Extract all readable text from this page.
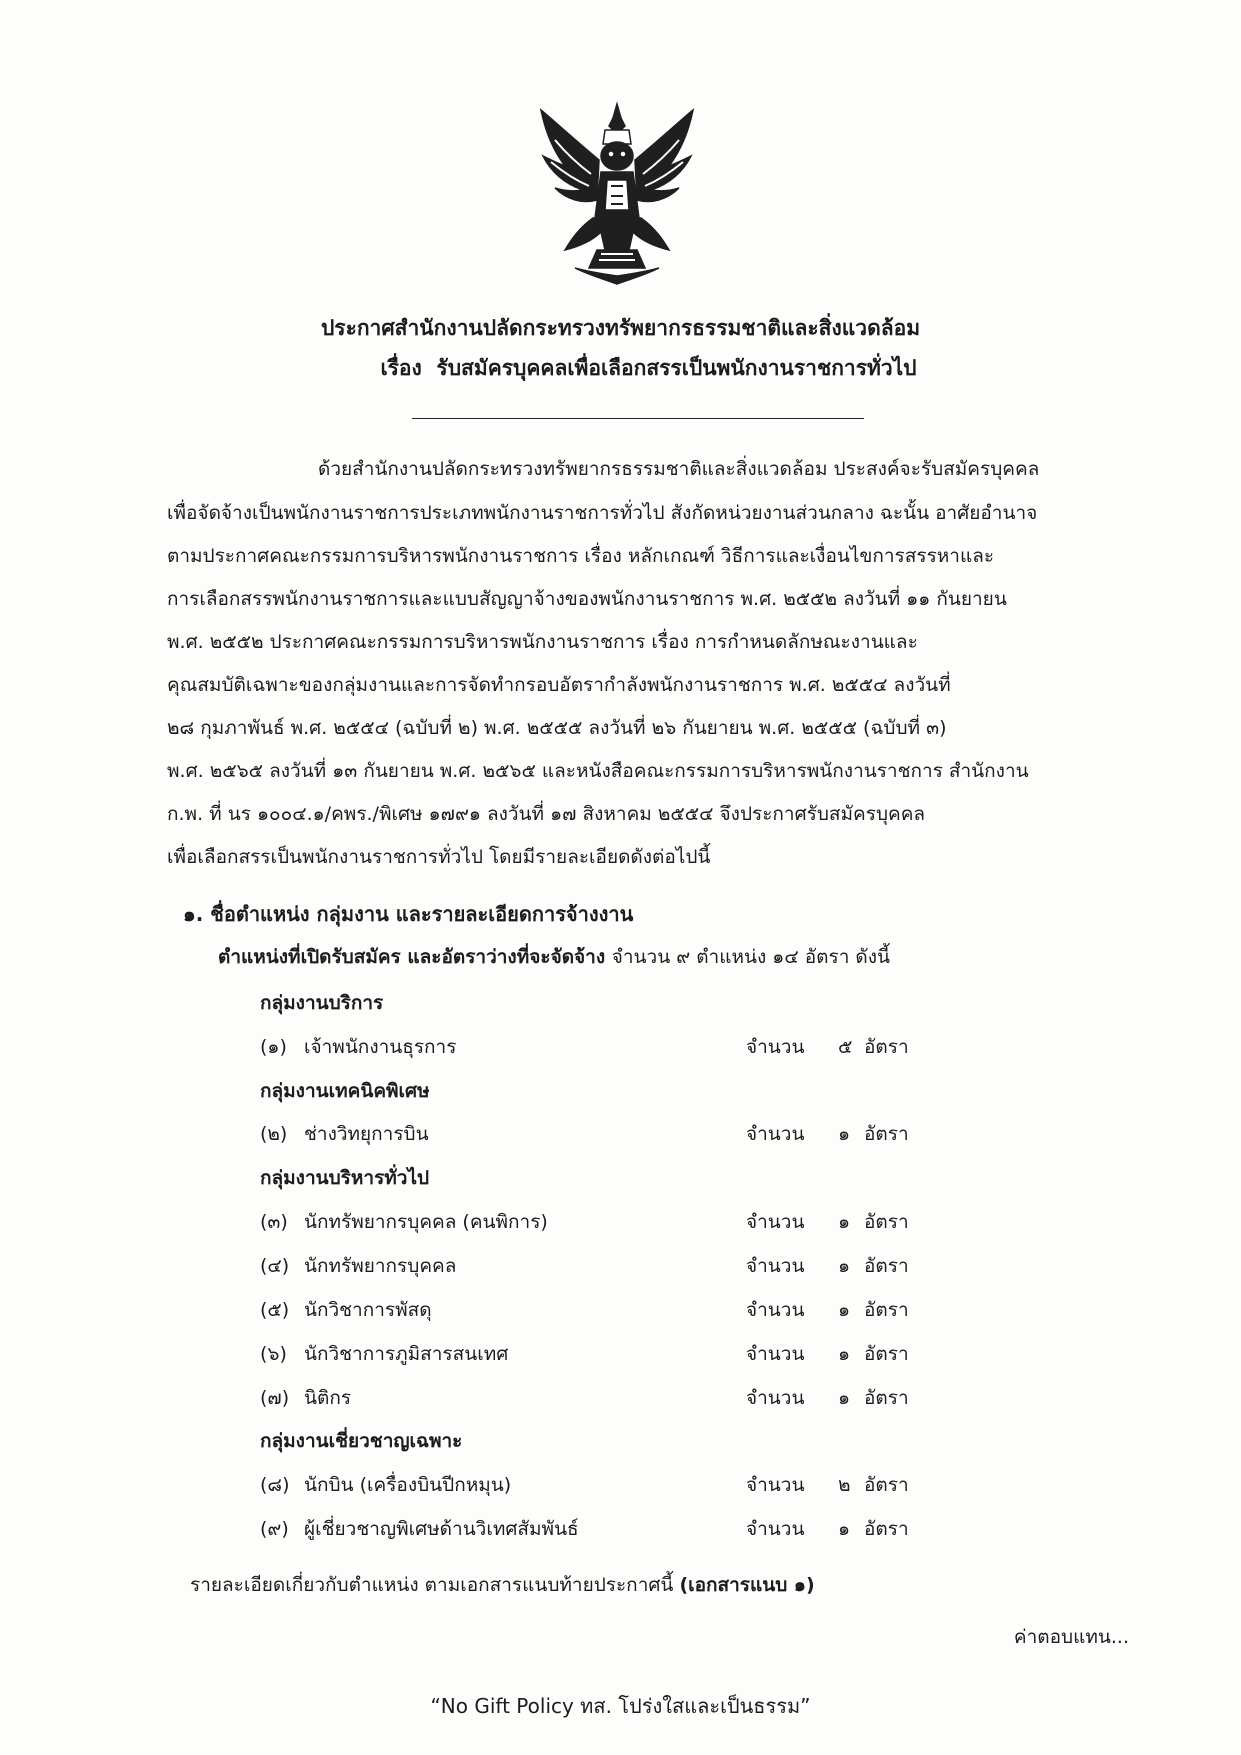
ประกาศสำนักงานปลัดกระทรวงทรัพยากรธรรมชาติและสิ่งแวดล้อม
เรื่อง รับสมัครบุคคลเพื่อเลือกสรรเป็นพนักงานราชการทั่วไป
ด้วยสำนักงานปลัดกระทรวงทรัพยากรธรรมชาติและสิ่งแวดล้อม ประสงค์จะรับสมัครบุคคล
เพื่อจัดจ้างเป็นพนักงานราชการประเภทพนักงานราชการทั่วไป สังกัดหน่วยงานส่วนกลาง ฉะนั้น อาศัยอำนาจ
ตามประกาศคณะกรรมการบริหารพนักงานราชการ เรื่อง หลักเกณฑ์ วิธีการและเงื่อนไขการสรรหาและ
การเลือกสรรพนักงานราชการและแบบสัญญาจ้างของพนักงานราชการ พ.ศ. ๒๕๕๒ ลงวันที่ ๑๑ กันยายน
พ.ศ. ๒๕๕๒ ประกาศคณะกรรมการบริหารพนักงานราชการ เรื่อง การกำหนดลักษณะงานและ
คุณสมบัติเฉพาะของกลุ่มงานและการจัดทำกรอบอัตรากำลังพนักงานราชการ พ.ศ. ๒๕๕๔ ลงวันที่
๒๘ กุมภาพันธ์ พ.ศ. ๒๕๕๔ (ฉบับที่ ๒) พ.ศ. ๒๕๕๕ ลงวันที่ ๒๖ กันยายน พ.ศ. ๒๕๕๕ (ฉบับที่ ๓)
พ.ศ. ๒๕๖๕ ลงวันที่ ๑๓ กันยายน พ.ศ. ๒๕๖๕ และหนังสือคณะกรรมการบริหารพนักงานราชการ สำนักงาน
ก.พ. ที่ นร ๑๐๐๔.๑/คพร./พิเศษ ๑๗๙๑ ลงวันที่ ๑๗ สิงหาคม ๒๕๕๔ จึงประกาศรับสมัครบุคคล
เพื่อเลือกสรรเป็นพนักงานราชการทั่วไป โดยมีรายละเอียดดังต่อไปนี้
๑. ชื่อตำแหน่ง กลุ่มงาน และรายละเอียดการจ้างงาน
ตำแหน่งที่เปิดรับสมัคร และอัตราว่างที่จะจัดจ้าง จำนวน ๙ ตำแหน่ง ๑๔ อัตรา ดังนี้
กลุ่มงานบริการ
(๑) เจ้าพนักงานธุรการ	จำนวน ๕ อัตรา
กลุ่มงานเทคนิคพิเศษ
(๒) ช่างวิทยุการบิน	จำนวน ๑ อัตรา
กลุ่มงานบริหารทั่วไป
(๓) นักทรัพยากรบุคคล (คนพิการ)	จำนวน ๑ อัตรา
(๔) นักทรัพยากรบุคคล	จำนวน ๑ อัตรา
(๕) นักวิชาการพัสดุ	จำนวน ๑ อัตรา
(๖) นักวิชาการภูมิสารสนเทศ	จำนวน ๑ อัตรา
(๗) นิติกร	จำนวน ๑ อัตรา
กลุ่มงานเชี่ยวชาญเฉพาะ
(๘) นักบิน (เครื่องบินปีกหมุน)	จำนวน ๒ อัตรา
(๙) ผู้เชี่ยวชาญพิเศษด้านวิเทศสัมพันธ์	จำนวน ๑ อัตรา
รายละเอียดเกี่ยวกับตำแหน่ง ตามเอกสารแนบท้ายประกาศนี้ (เอกสารแนบ ๑)
ค่าตอบแทน...
“No Gift Policy ทส. โปร่งใสและเป็นธรรม”
